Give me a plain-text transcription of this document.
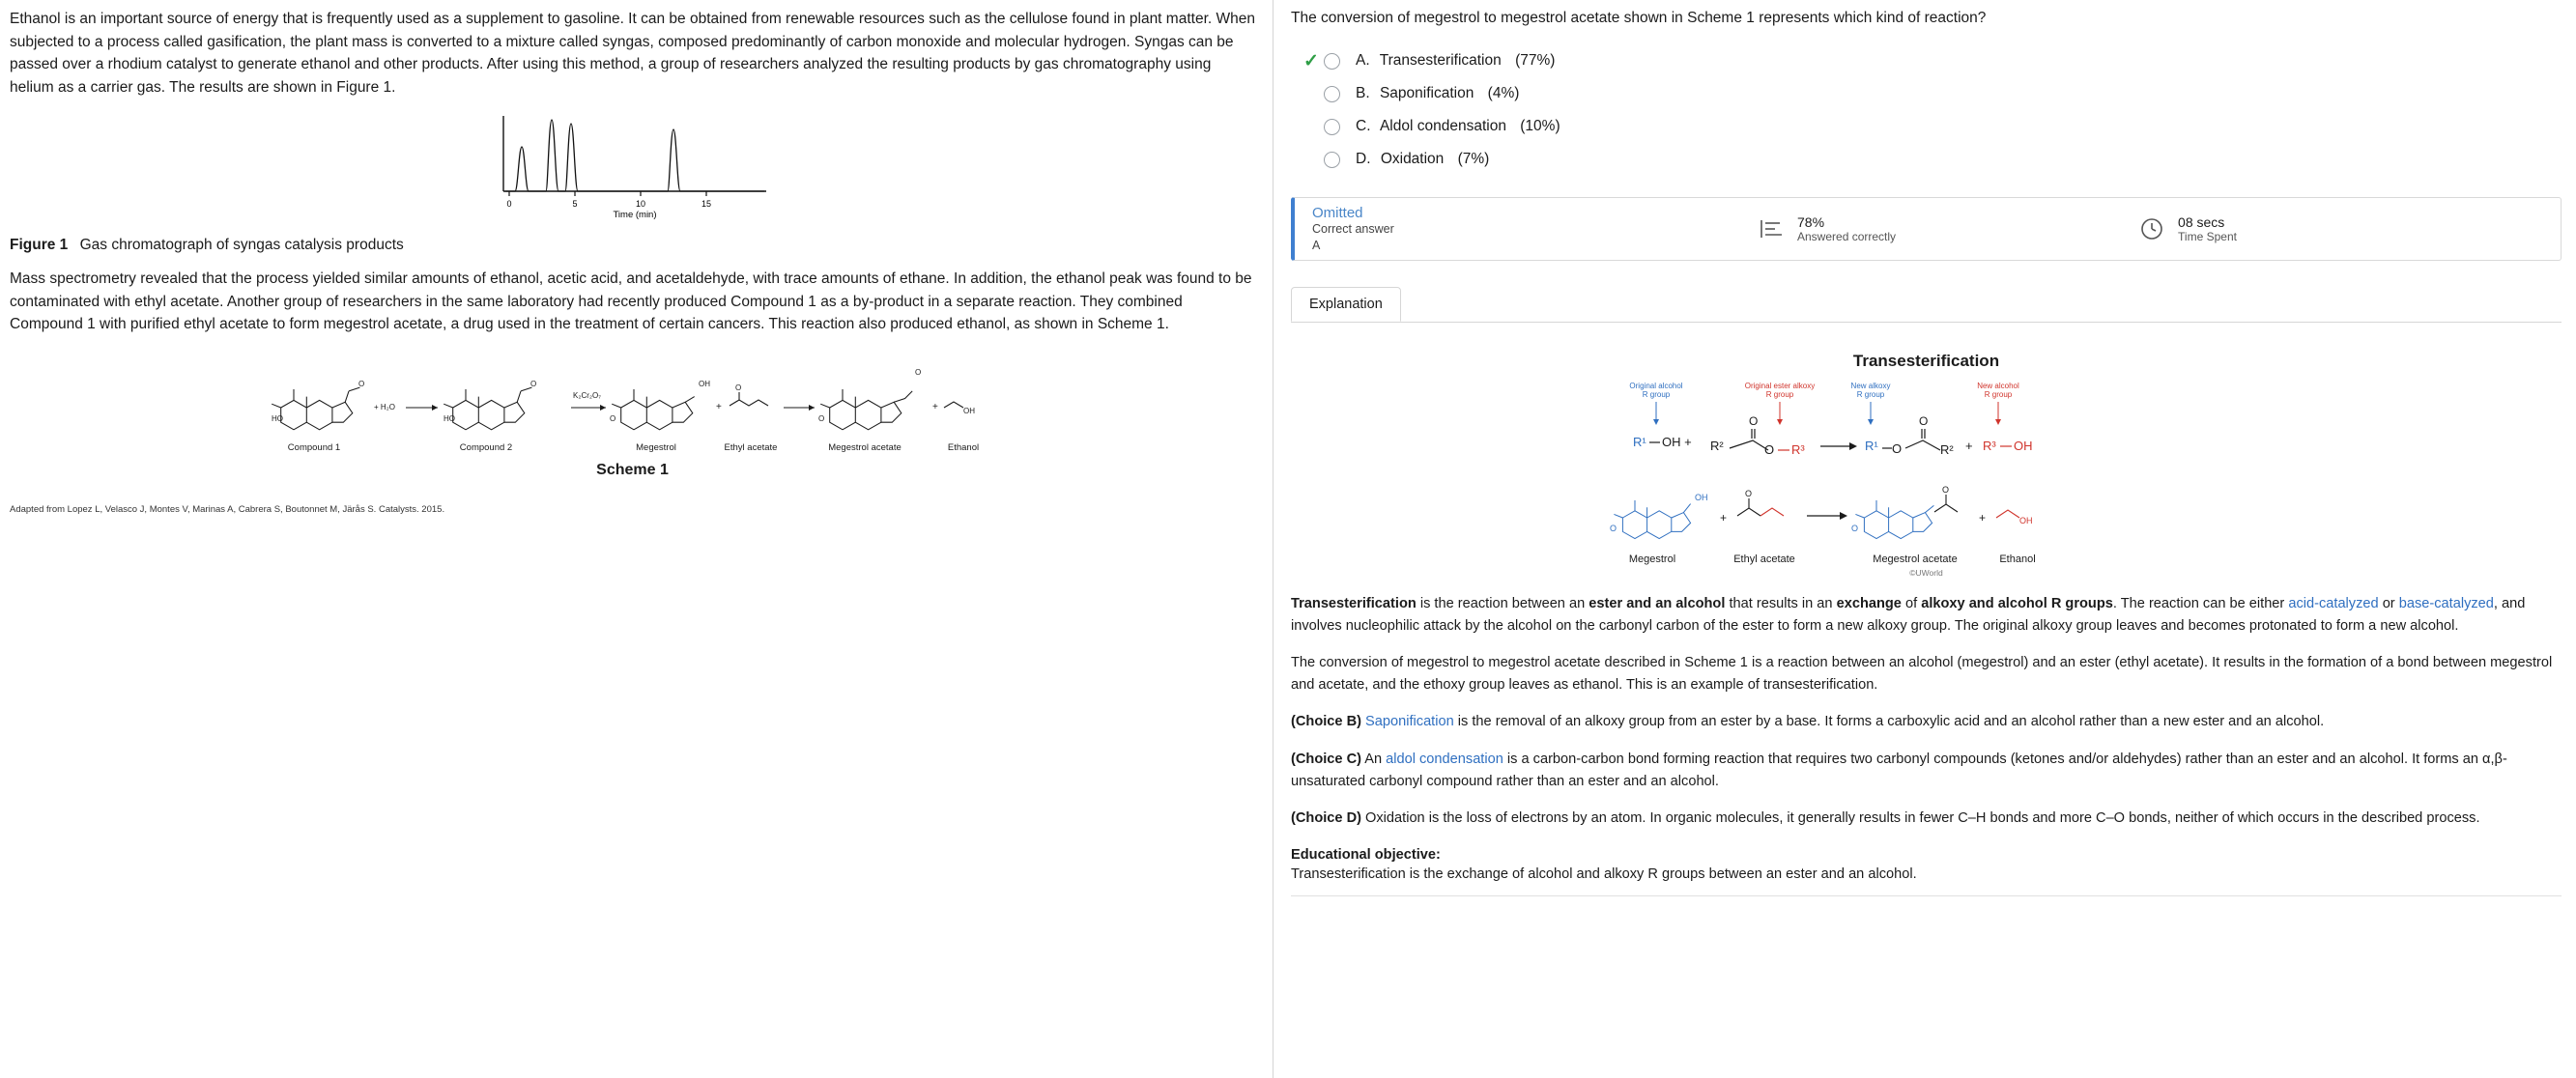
Ethanol is an important source of energy that is frequently used as a supplement to gasoline. It can be obtained from renewable resources such as the cellulose found in plant matter. When subjected to a process called gasification, the plant mass is converted to a mixture called syngas, composed predominantly of carbon monoxide and molecular hydrogen. Syngas can be passed over a rhodium catalyst to generate ethanol and other products. After using this method, a group of researchers analyzed the resulting products by gas chromatography using helium as a carrier gas. The results are shown in Figure 1.
0	5	10	15
Time (min)
Figure 1 Gas chromatograph of syngas catalysis products
Mass spectrometry revealed that the process yielded similar amounts of ethanol, acetic acid, and acetaldehyde, with trace amounts of ethane. In addition, the ethanol peak was found to be contaminated with ethyl acetate. Another group of researchers in the same laboratory had recently produced Compound 1 as a by-product in a separate reaction. They combined Compound 1 with purified ethyl acetate to form megestrol acetate, a drug used in the treatment of certain cancers. This reaction also produced ethanol, as shown in Scheme 1.
HO
O
+ H₂O
HO
O
K₂Cr₂O₇
O
OH
+
O
O
O
+	OH
Compound 1	Compound 2	Megestrol	Ethyl acetate	Megestrol acetate	Ethanol
Scheme 1
Adapted from Lopez L, Velasco J, Montes V, Marinas A, Cabrera S, Boutonnet M, Järås S. Catalysts. 2015.
The conversion of megestrol to megestrol acetate shown in Scheme 1 represents which kind of reaction?
✓ A. Transesterification (77%)
B. Saponification (4%)
C. Aldol condensation (10%)
D. Oxidation (7%)
Omitted
Correct answer
A
78%
Answered correctly
08 secs
Time Spent
Explanation
Transesterification
Original alcohol
R group
Original ester alkoxy
R group
New alkoxy
R group
New alcohol
R group
R¹ OH + R²
O
O R³	R¹ O
O
R² + R³ OH
O
OH
+
O
O
O
+	OH
Megestrol	Ethyl acetate	Megestrol acetate	Ethanol
©UWorld
Transesterification is the reaction between an ester and an alcohol that results in an exchange of alkoxy and alcohol R groups. The reaction can be either acid-catalyzed or base-catalyzed, and involves nucleophilic attack by the alcohol on the carbonyl carbon of the ester to form a new alkoxy group. The original alkoxy group leaves and becomes protonated to form a new alcohol.
The conversion of megestrol to megestrol acetate described in Scheme 1 is a reaction between an alcohol (megestrol) and an ester (ethyl acetate). It results in the formation of a bond between megestrol and acetate, and the ethoxy group leaves as ethanol. This is an example of transesterification.
(Choice B) Saponification is the removal of an alkoxy group from an ester by a base. It forms a carboxylic acid and an alcohol rather than a new ester and an alcohol.
(Choice C) An aldol condensation is a carbon-carbon bond forming reaction that requires two carbonyl compounds (ketones and/or aldehydes) rather than an ester and an alcohol. It forms an α,β-unsaturated carbonyl compound rather than an ester and an alcohol.
(Choice D) Oxidation is the loss of electrons by an atom. In organic molecules, it generally results in fewer C–H bonds and more C–O bonds, neither of which occurs in the described process.
Educational objective:
Transesterification is the exchange of alcohol and alkoxy R groups between an ester and an alcohol.
